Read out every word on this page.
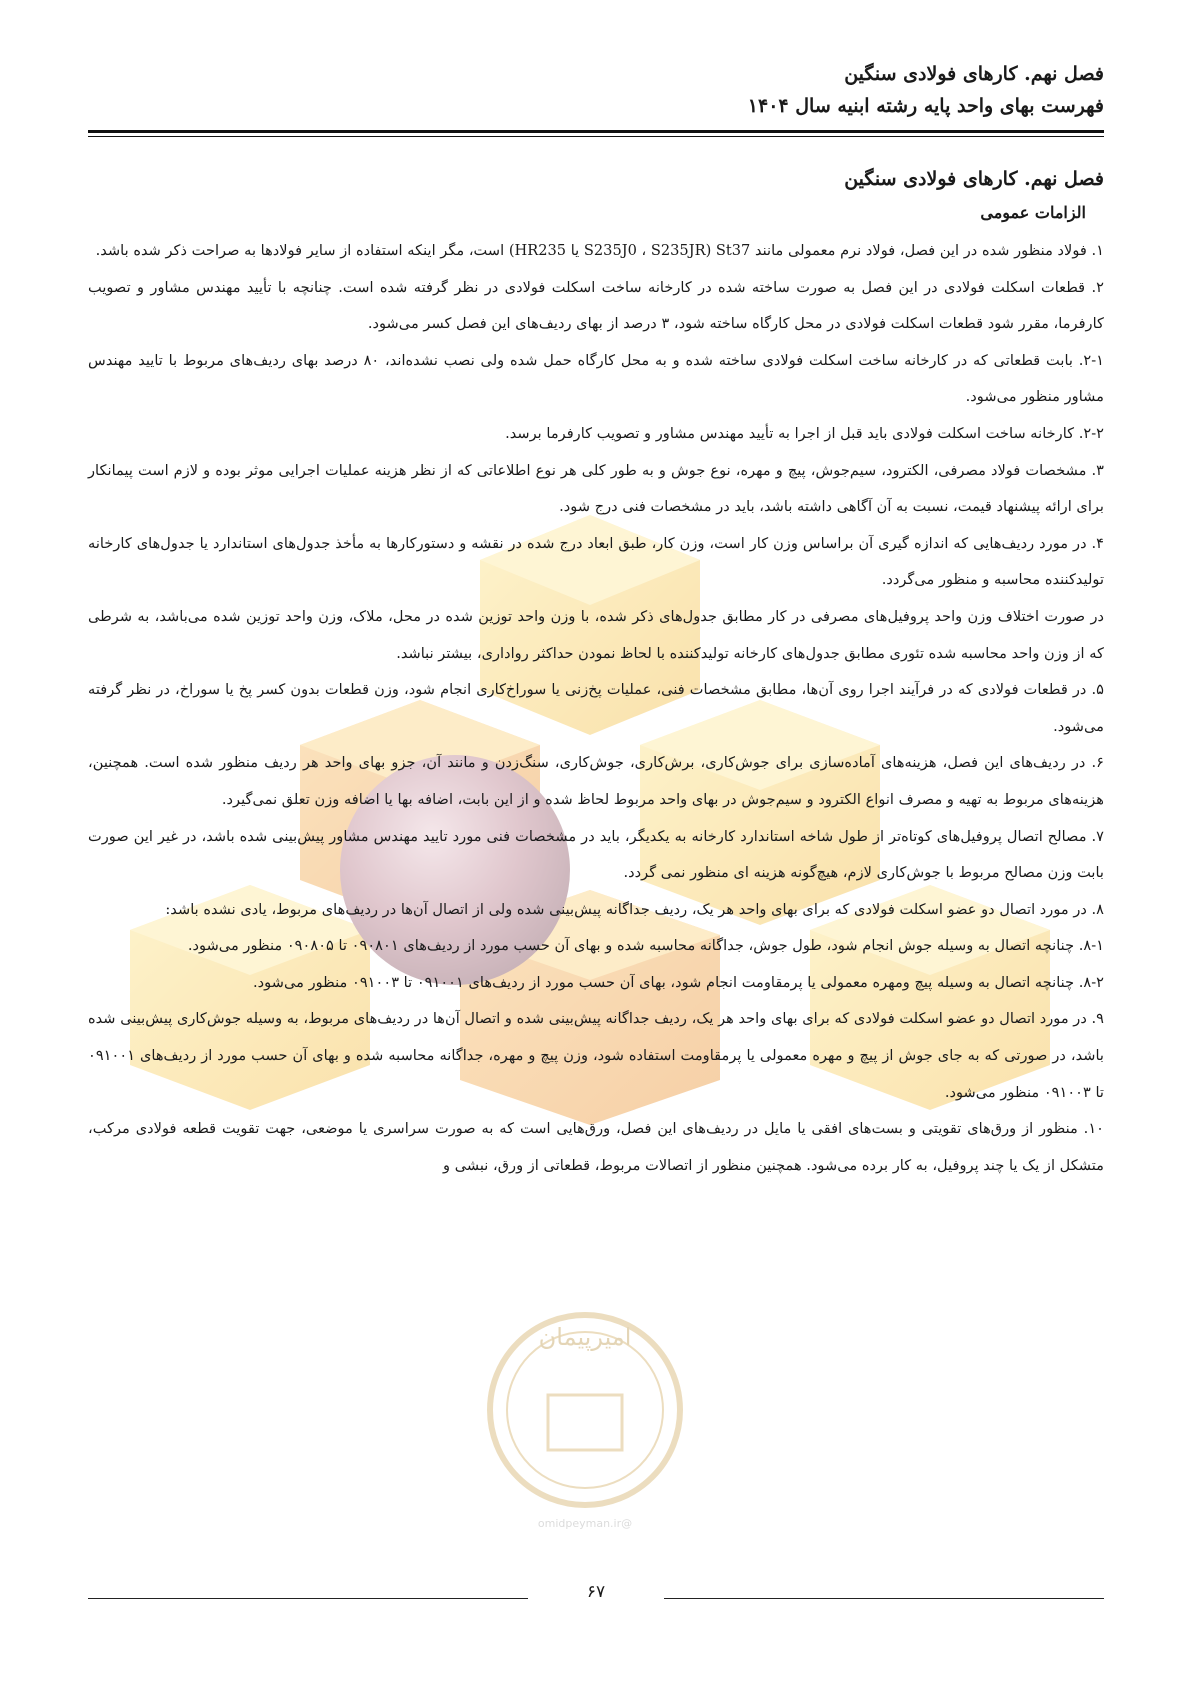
امیرپیمان
@omidpeyman.ir
فصل نهم. کارهای فولادی سنگین
فهرست بهای واحد پایه رشته ابنیه سال ۱۴۰۴
فصل نهم. کارهای فولادی سنگین
الزامات عمومی

۱. فولاد منظور شده در این فصل، فولاد نرم معمولی مانند St37 (S235J0 ، S235JR یا HR235) است، مگر اینکه استفاده از سایر فولادها به صراحت ذکر شده باشد.

۲. قطعات اسکلت فولادی در این فصل به صورت ساخته شده در کارخانه ساخت اسکلت فولادی در نظر گرفته شده است. چنانچه با تأیید مهندس مشاور و تصویب کارفرما، مقرر شود قطعات اسکلت فولادی در محل کارگاه ساخته شود، ۳ درصد از بهای ردیف‌های این فصل کسر می‌شود.

۲-۱. بابت قطعاتی که در کارخانه ساخت اسکلت فولادی ساخته شده و به محل کارگاه حمل شده ولی نصب نشده‌اند، ۸۰ درصد بهای ردیف‌های مربوط با تایید مهندس مشاور منظور می‌شود.

۲-۲. کارخانه ساخت اسکلت فولادی باید قبل از اجرا به تأیید مهندس مشاور و تصویب کارفرما برسد.

۳. مشخصات فولاد مصرفی، الکترود، سیم‌جوش، پیچ و مهره، نوع جوش و به طور کلی هر نوع اطلاعاتی که از نظر هزینه عملیات اجرایی موثر بوده و لازم است پیمانکار برای ارائه پیشنهاد قیمت، نسبت به آن آگاهی داشته باشد، باید در مشخصات فنی درج شود.

۴. در مورد ردیف‌هایی که اندازه گیری آن براساس وزن کار است، وزن کار، طبق ابعاد درج شده در نقشه و دستورکارها به مأخذ جدول‌های استاندارد یا جدول‌های کارخانه تولیدکننده محاسبه و منظور می‌گردد.

در صورت اختلاف وزن واحد پروفیل‌های مصرفی در کار مطابق جدول‌های ذکر شده، با وزن واحد توزین شده در محل، ملاک، وزن واحد توزین شده می‌باشد، به شرطی که از وزن واحد محاسبه شده تئوری مطابق جدول‌های کارخانه تولیدکننده با لحاظ نمودن حداکثر رواداری، بیشتر نباشد.

۵. در قطعات فولادی که در فرآیند اجرا روی آن‌ها، مطابق مشخصات فنی، عملیات پخ‌زنی یا سوراخ‌کاری انجام شود، وزن قطعات بدون کسر پخ یا سوراخ، در نظر گرفته می‌شود.

۶. در ردیف‌های این فصل، هزینه‌های آماده‌سازی برای جوش‌کاری، برش‌کاری، جوش‌کاری، سنگ‌زدن و مانند آن، جزو بهای واحد هر ردیف منظور شده است. همچنین، هزینه‌های مربوط به تهیه و مصرف انواع الکترود و سیم‌جوش در بهای واحد مربوط لحاظ شده و از این بابت، اضافه بها یا اضافه وزن تعلق نمی‌گیرد.

۷. مصالح اتصال پروفیل‌های کوتاه‌تر از طول شاخه استاندارد کارخانه به یکدیگر، باید در مشخصات فنی مورد تایید مهندس مشاور پیش‌بینی شده باشد، در غیر این صورت بابت وزن مصالح مربوط با جوش‌کاری لازم، هیچ‌گونه هزینه ای منظور نمی گردد.

۸. در مورد اتصال دو عضو اسکلت فولادی که برای بهای واحد هر یک، ردیف جداگانه پیش‌بینی شده ولی از اتصال آن‌ها در ردیف‌های مربوط، یادی نشده باشد:

۸-۱. چنانچه اتصال به وسیله جوش انجام شود، طول جوش، جداگانه محاسبه شده و بهای آن حسب مورد از ردیف‌های ۰۹۰۸۰۱ تا ۰۹۰۸۰۵ منظور می‌شود.

۸-۲. چنانچه اتصال به وسیله پیچ ومهره معمولی یا پرمقاومت انجام شود، بهای آن حسب مورد از ردیف‌های ۰۹۱۰۰۱ تا ۰۹۱۰۰۳ منظور می‌شود.

۹. در مورد اتصال دو عضو اسکلت فولادی که برای بهای واحد هر یک، ردیف جداگانه پیش‌بینی شده و اتصال آن‌ها در ردیف‌های مربوط، به وسیله جوش‌کاری پیش‌بینی شده باشد، در صورتی که به جای جوش از پیچ و مهره معمولی یا پرمقاومت استفاده شود، وزن پیچ و مهره، جداگانه محاسبه شده و بهای آن حسب مورد از ردیف‌های ۰۹۱۰۰۱ تا ۰۹۱۰۰۳ منظور می‌شود.

۱۰. منظور از ورق‌های تقویتی و بست‌های افقی یا مایل در ردیف‌های این فصل، ورق‌هایی است که به صورت سراسری یا موضعی، جهت تقویت قطعه فولادی مرکب، متشکل از یک یا چند پروفیل، به کار برده می‌شود. همچنین منظور از اتصالات مربوط، قطعاتی از ورق، نبشی و

۶۷
